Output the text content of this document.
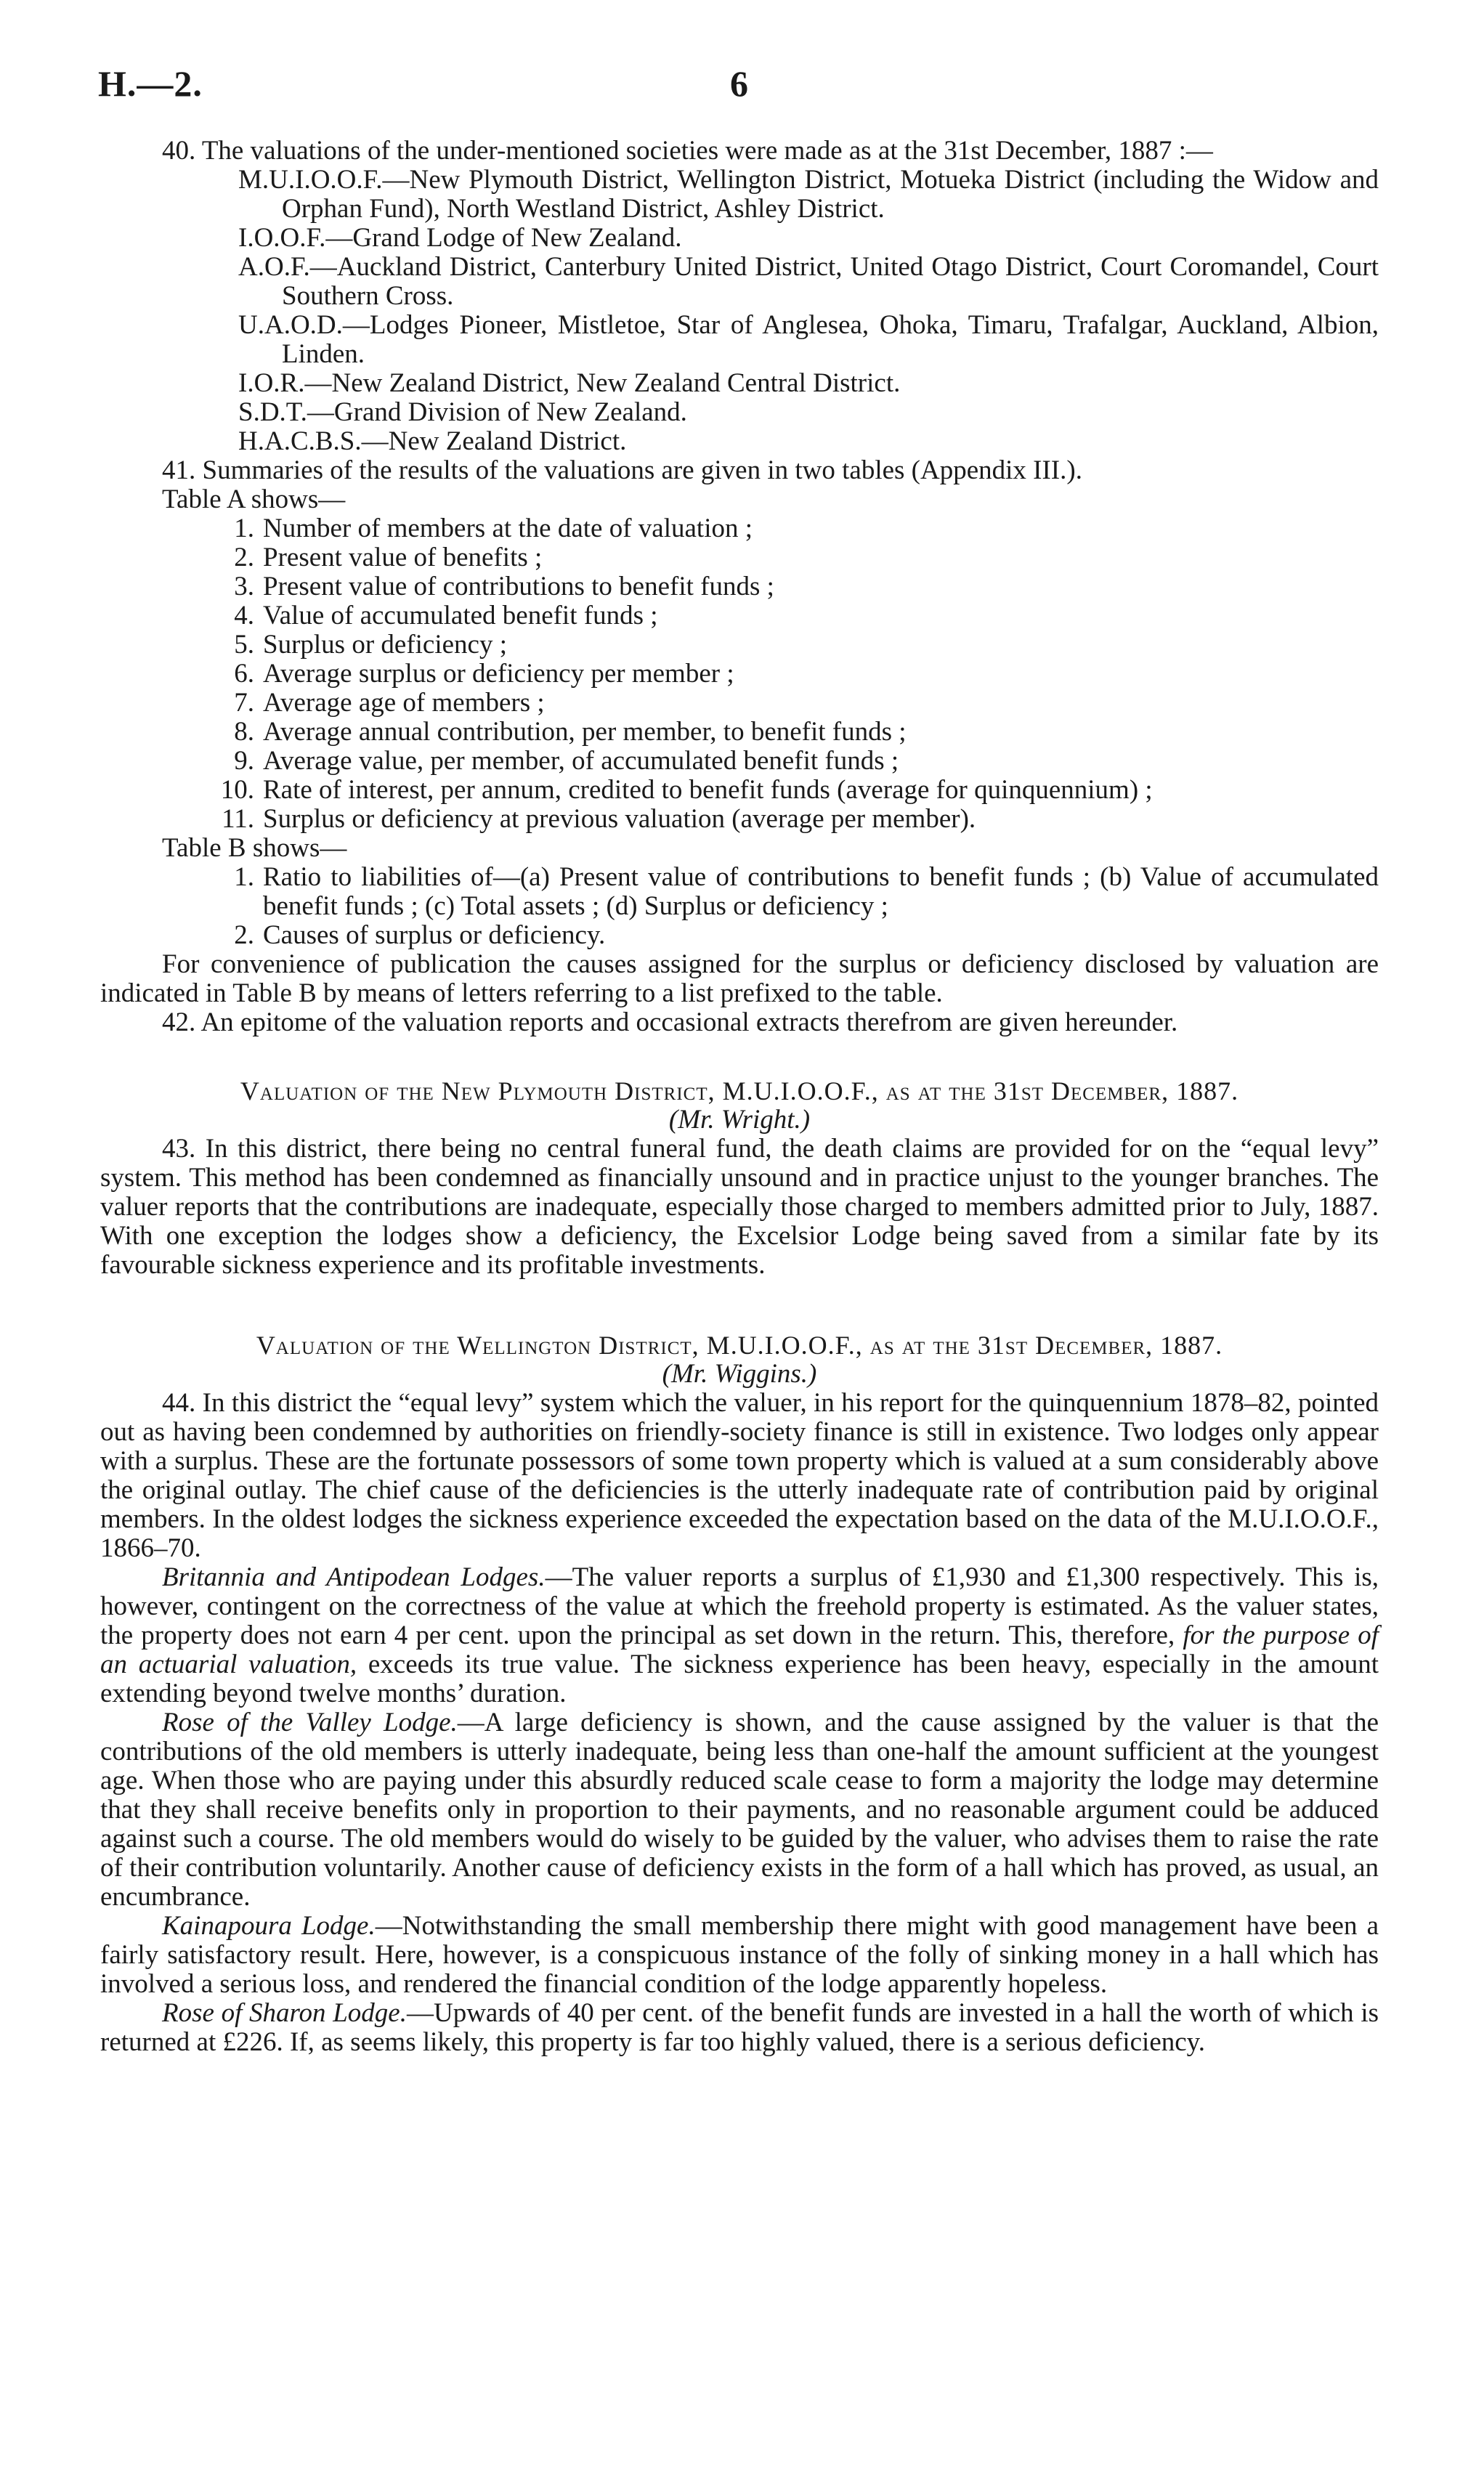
H.—2.	6

40. The valuations of the under-mentioned societies were made as at the 31st December, 1887 :—

M.U.I.O.O.F.—New Plymouth District, Wellington District, Motueka District (including the Widow and Orphan Fund), North Westland District, Ashley District.
I.O.O.F.—Grand Lodge of New Zealand.
A.O.F.—Auckland District, Canterbury United District, United Otago District, Court Coromandel, Court Southern Cross.
U.A.O.D.—Lodges Pioneer, Mistletoe, Star of Anglesea, Ohoka, Timaru, Trafalgar, Auckland, Albion, Linden.
I.O.R.—New Zealand District, New Zealand Central District.
S.D.T.—Grand Division of New Zealand.
H.A.C.B.S.—New Zealand District.

41. Summaries of the results of the valuations are given in two tables (Appendix III.).

Table A shows—
1. Number of members at the date of valuation ;
2. Present value of benefits ;
3. Present value of contributions to benefit funds ;
4. Value of accumulated benefit funds ;
5. Surplus or deficiency ;
6. Average surplus or deficiency per member ;
7. Average age of members ;
8. Average annual contribution, per member, to benefit funds ;
9. Average value, per member, of accumulated benefit funds ;
10. Rate of interest, per annum, credited to benefit funds (average for quinquennium) ;
11. Surplus or deficiency at previous valuation (average per member).
Table B shows—
1. Ratio to liabilities of—(a) Present value of contributions to benefit funds ; (b) Value of accumulated benefit funds ; (c) Total assets ; (d) Surplus or deficiency ;
2. Causes of surplus or deficiency.

For convenience of publication the causes assigned for the surplus or deficiency disclosed by valuation are indicated in Table B by means of letters referring to a list prefixed to the table.

42. An epitome of the valuation reports and occasional extracts therefrom are given hereunder.

Valuation of the New Plymouth District, M.U.I.O.O.F., as at the 31st December, 1887.

(Mr. Wright.)

43. In this district, there being no central funeral fund, the death claims are provided for on the “equal levy” system. This method has been condemned as financially unsound and in practice unjust to the younger branches. The valuer reports that the contributions are inadequate, especially those charged to members admitted prior to July, 1887. With one exception the lodges show a deficiency, the Excelsior Lodge being saved from a similar fate by its favourable sickness experience and its profitable investments.

Valuation of the Wellington District, M.U.I.O.O.F., as at the 31st December, 1887.

(Mr. Wiggins.)

44. In this district the “equal levy” system which the valuer, in his report for the quinquennium 1878–82, pointed out as having been condemned by authorities on friendly-society finance is still in existence. Two lodges only appear with a surplus. These are the fortunate possessors of some town property which is valued at a sum considerably above the original outlay. The chief cause of the deficiencies is the utterly inadequate rate of contribution paid by original members. In the oldest lodges the sickness experience exceeded the expectation based on the data of the M.U.I.O.O.F., 1866–70.

Britannia and Antipodean Lodges.—The valuer reports a surplus of £1,930 and £1,300 respectively. This is, however, contingent on the correctness of the value at which the freehold property is estimated. As the valuer states, the property does not earn 4 per cent. upon the principal as set down in the return. This, therefore, for the purpose of an actuarial valuation, exceeds its true value. The sickness experience has been heavy, especially in the amount extending beyond twelve months’ duration.

Rose of the Valley Lodge.—A large deficiency is shown, and the cause assigned by the valuer is that the contributions of the old members is utterly inadequate, being less than one-half the amount sufficient at the youngest age. When those who are paying under this absurdly reduced scale cease to form a majority the lodge may determine that they shall receive benefits only in proportion to their payments, and no reasonable argument could be adduced against such a course. The old members would do wisely to be guided by the valuer, who advises them to raise the rate of their contribution voluntarily. Another cause of deficiency exists in the form of a hall which has proved, as usual, an encumbrance.

Kainapoura Lodge.—Notwithstanding the small membership there might with good management have been a fairly satisfactory result. Here, however, is a conspicuous instance of the folly of sinking money in a hall which has involved a serious loss, and rendered the financial condition of the lodge apparently hopeless.

Rose of Sharon Lodge.—Upwards of 40 per cent. of the benefit funds are invested in a hall the worth of which is returned at £226. If, as seems likely, this property is far too highly valued, there is a serious deficiency.
